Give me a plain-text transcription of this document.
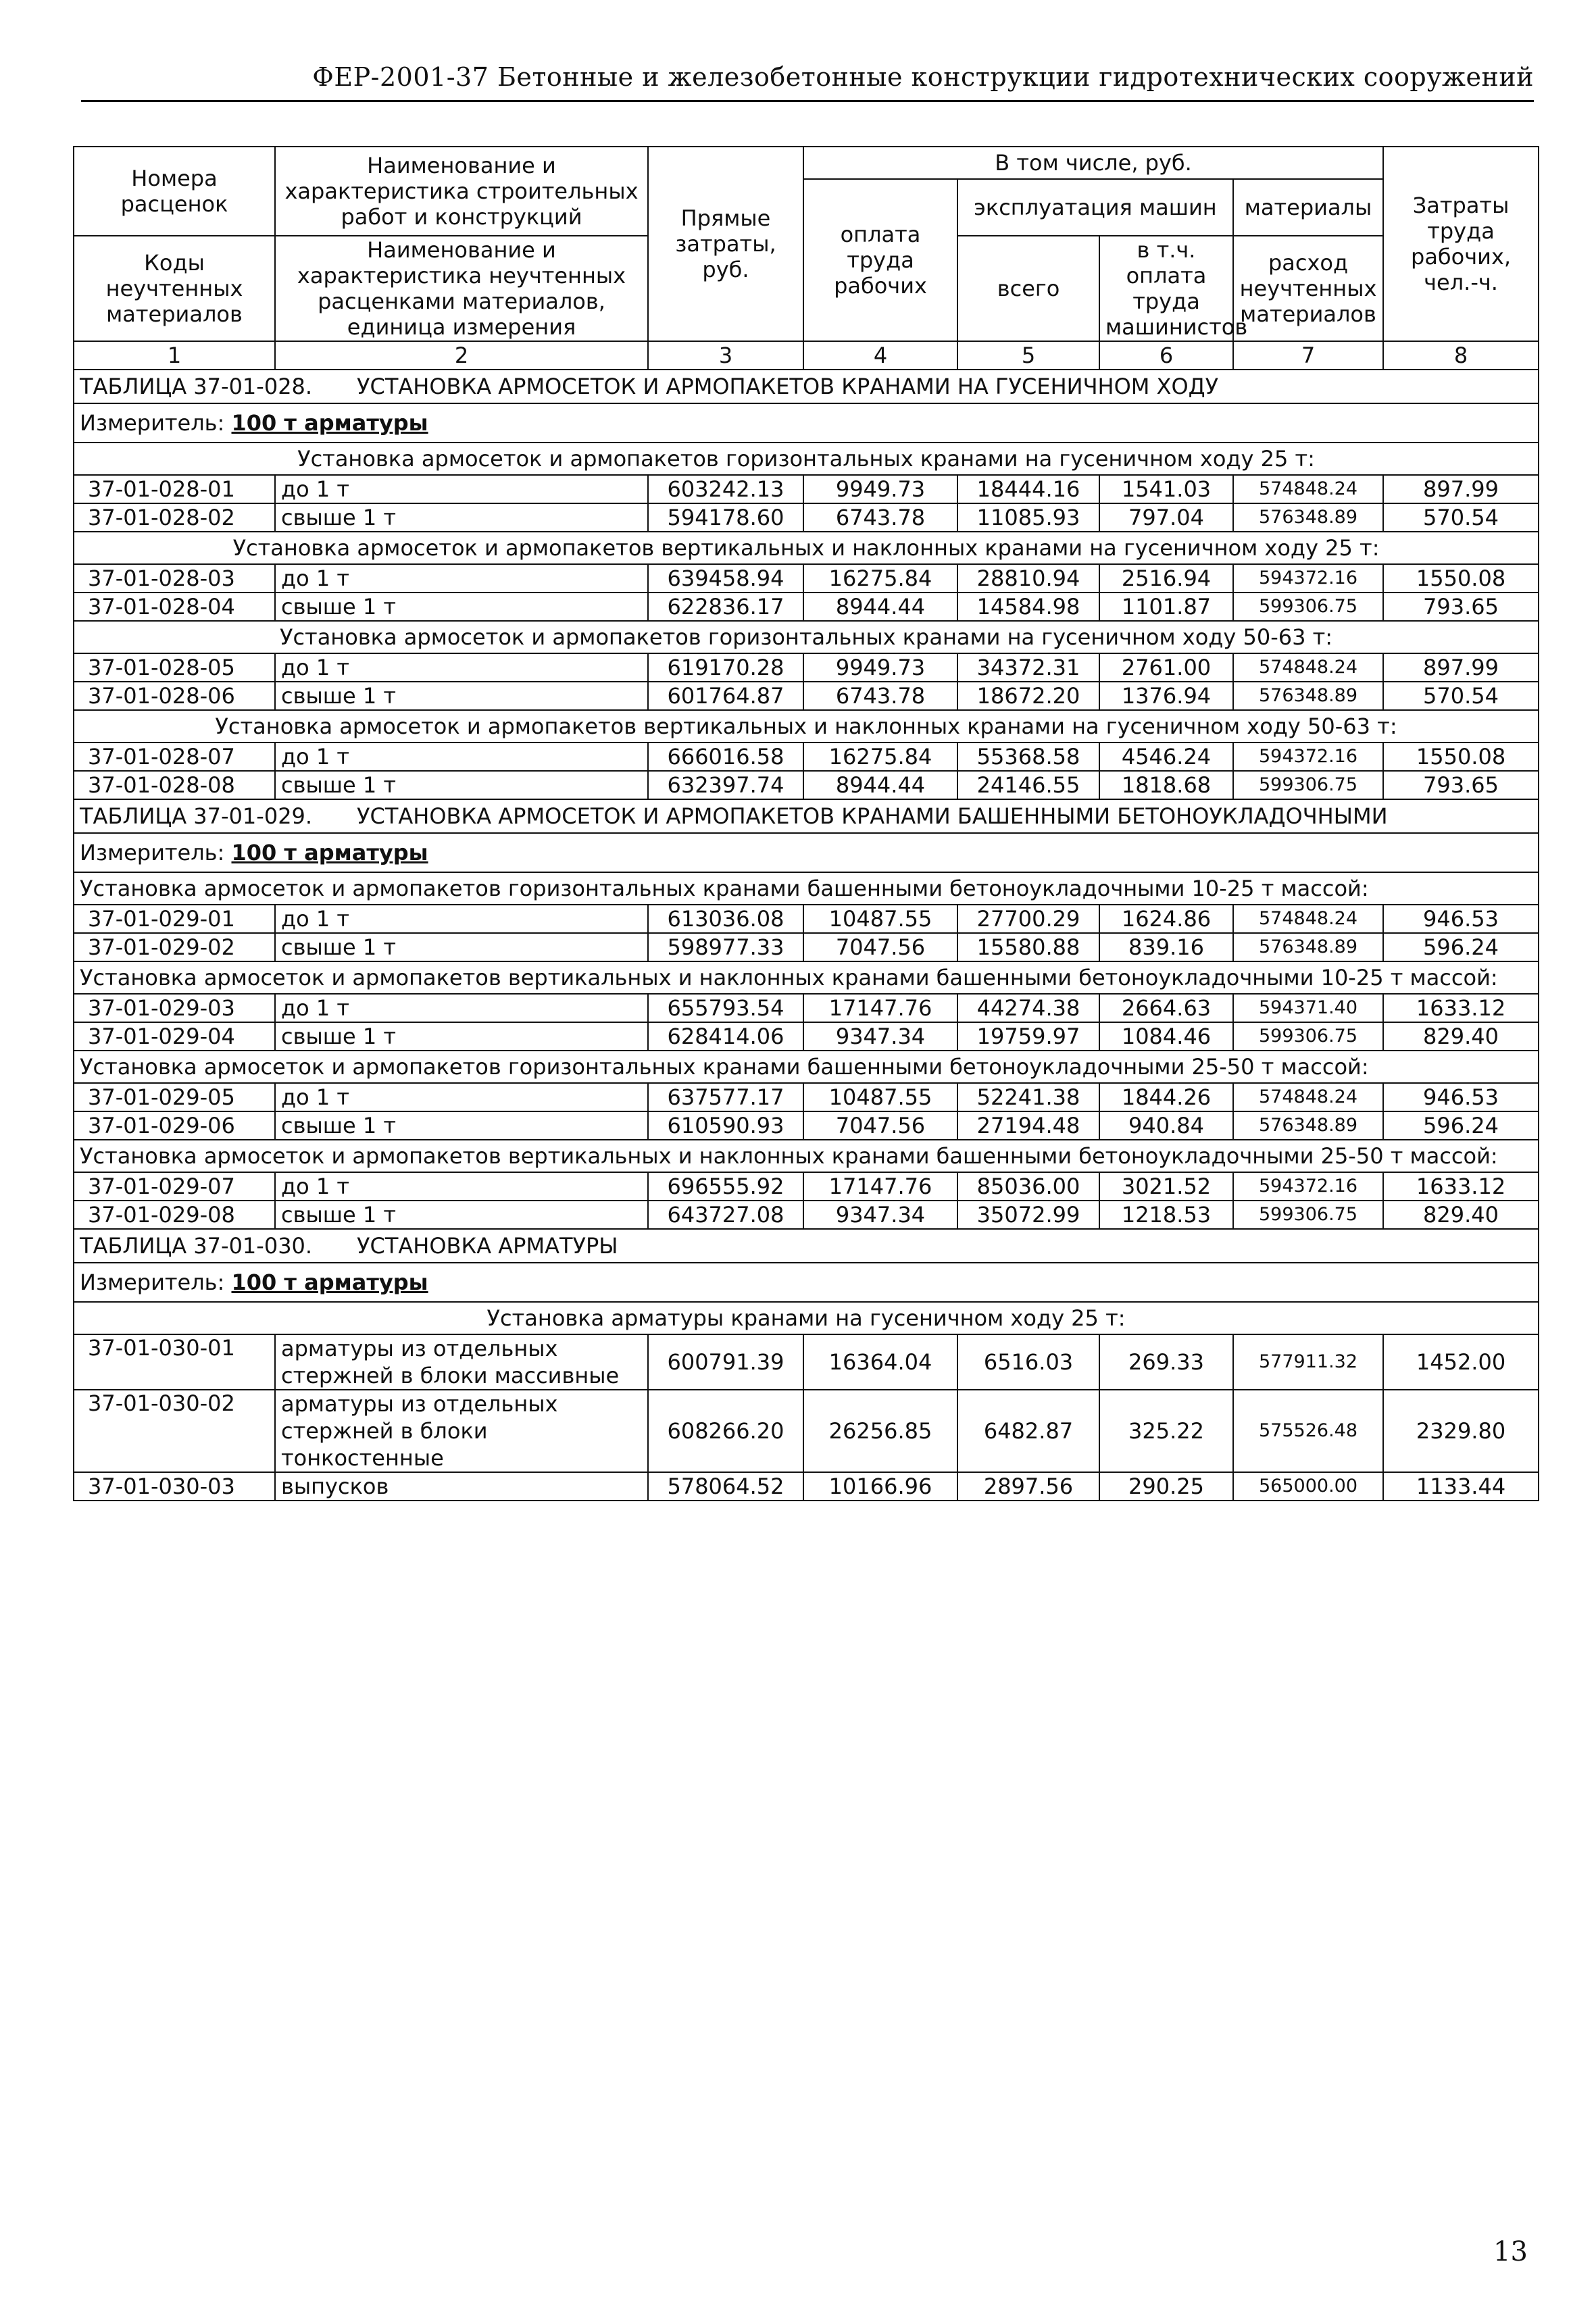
ФЕР-2001-37 Бетонные и железобетонные конструкции гидротехнических сооружений
Номера расценок	Наименование и характеристика строительных работ и конструкций	Прямые затраты, руб.	В том числе, руб.				Затраты труда рабочих, чел.-ч.
			оплата труда рабочих	эксплуатация машин		материалы	
Коды неучтенных материалов	Наименование и характеристика неучтенных расценками материалов, единица измерения			всего	в т.ч. оплата труда машинистов	расход неучтенных материалов	

1	2	3	4	5	6	7	8
ТАБЛИЦА 37-01-028. УСТАНОВКА АРМОСЕТОК И АРМОПАКЕТОВ КРАНАМИ НА ГУСЕНИЧНОМ ХОДУ							
Измеритель: 100 т арматуры							
Установка армосеток и армопакетов горизонтальных кранами на гусеничном ходу 25 т:							
37-01-028-01	до 1 т	603242.13	9949.73	18444.16	1541.03	574848.24	897.99
37-01-028-02	свыше 1 т	594178.60	6743.78	11085.93	797.04	576348.89	570.54
Установка армосеток и армопакетов вертикальных и наклонных кранами на гусеничном ходу 25 т:							
37-01-028-03	до 1 т	639458.94	16275.84	28810.94	2516.94	594372.16	1550.08
37-01-028-04	свыше 1 т	622836.17	8944.44	14584.98	1101.87	599306.75	793.65
Установка армосеток и армопакетов горизонтальных кранами на гусеничном ходу 50-63 т:							
37-01-028-05	до 1 т	619170.28	9949.73	34372.31	2761.00	574848.24	897.99
37-01-028-06	свыше 1 т	601764.87	6743.78	18672.20	1376.94	576348.89	570.54
Установка армосеток и армопакетов вертикальных и наклонных кранами на гусеничном ходу 50-63 т:							
37-01-028-07	до 1 т	666016.58	16275.84	55368.58	4546.24	594372.16	1550.08
37-01-028-08	свыше 1 т	632397.74	8944.44	24146.55	1818.68	599306.75	793.65
ТАБЛИЦА 37-01-029. УСТАНОВКА АРМОСЕТОК И АРМОПАКЕТОВ КРАНАМИ БАШЕННЫМИ БЕТОНОУКЛАДОЧНЫМИ							
Измеритель: 100 т арматуры							
Установка армосеток и армопакетов горизонтальных кранами башенными бетоноукладочными 10-25 т массой:							
37-01-029-01	до 1 т	613036.08	10487.55	27700.29	1624.86	574848.24	946.53
37-01-029-02	свыше 1 т	598977.33	7047.56	15580.88	839.16	576348.89	596.24
Установка армосеток и армопакетов вертикальных и наклонных кранами башенными бетоноукладочными 10-25 т массой:							
37-01-029-03	до 1 т	655793.54	17147.76	44274.38	2664.63	594371.40	1633.12
37-01-029-04	свыше 1 т	628414.06	9347.34	19759.97	1084.46	599306.75	829.40
Установка армосеток и армопакетов горизонтальных кранами башенными бетоноукладочными 25-50 т массой:							
37-01-029-05	до 1 т	637577.17	10487.55	52241.38	1844.26	574848.24	946.53
37-01-029-06	свыше 1 т	610590.93	7047.56	27194.48	940.84	576348.89	596.24
Установка армосеток и армопакетов вертикальных и наклонных кранами башенными бетоноукладочными 25-50 т массой:							
37-01-029-07	до 1 т	696555.92	17147.76	85036.00	3021.52	594372.16	1633.12
37-01-029-08	свыше 1 т	643727.08	9347.34	35072.99	1218.53	599306.75	829.40
ТАБЛИЦА 37-01-030. УСТАНОВКА АРМАТУРЫ							
Измеритель: 100 т арматуры							
Установка арматуры кранами на гусеничном ходу 25 т:							
37-01-030-01	арматуры из отдельных стержней в блоки массивные	600791.39	16364.04	6516.03	269.33	577911.32	1452.00
37-01-030-02	арматуры из отдельных стержней в блоки тонкостенные	608266.20	26256.85	6482.87	325.22	575526.48	2329.80
37-01-030-03	выпусков	578064.52	10166.96	2897.56	290.25	565000.00	1133.44
13
